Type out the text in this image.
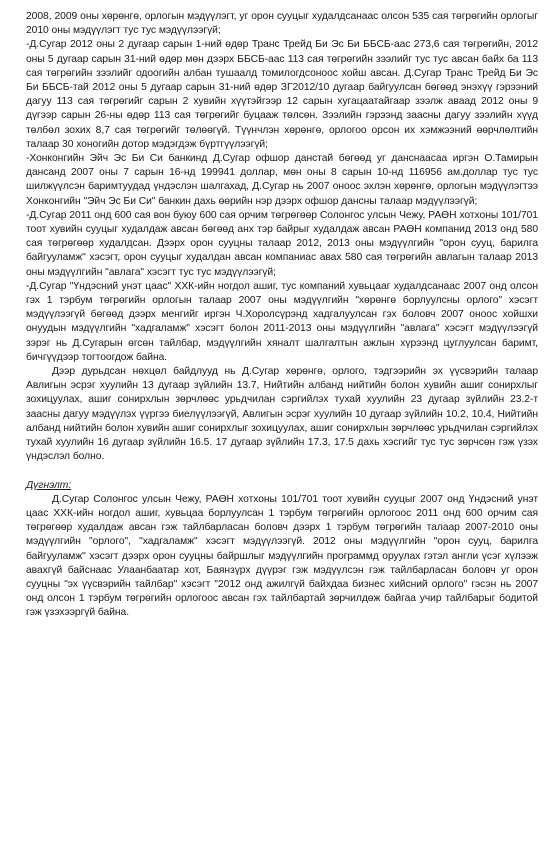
2008, 2009 оны хөрөнгө, орлогын мэдүүлэгт, уг орон сууцыг худалдсанаас олсон 535 сая төгрөгийн орлогыг 2010 оны мэдүүлэгт тус тус мэдүүлээгүй;

-Д.Сугар 2012 оны 2 дугаар сарын 1-ний өдөр Транс Трейд Би Эс Би ББСБ-аас 273,6 сая төгрөгийн, 2012 оны 5 дугаар сарын 31-ний өдөр мөн дээрх ББСБ-аас 113 сая төгрөгийн зээлийг тус тус авсан байх ба 113 сая төгрөгийн зээлийг одоогийн албан тушаалд томилогдсоноос хойш авсан. Д.Сугар Транс Трейд Би Эс Би ББСБ-тай 2012 оны 5 дугаар сарын 31-ний өдөр ЗГ2012/10 дугаар байгуулсан бөгөөд энэхүү гэрээний дагуу 113 сая төгрөгийг сарын 2 хувийн хүүтэйгээр 12 сарын хугацаатайгаар зээлж аваад 2012 оны 9 дүгээр сарын 26-ны өдөр 113 сая төгрөгийг буцааж төлсөн. Зээлийн гэрээнд заасны дагуу зээлийн хүүд төлбөл зохих 8,7 сая төгрөгийг төлөөгүй. Түүнчлэн хөрөнгө, орлогоо орсон их хэмжээний өөрчлөлтийн талаар 30 хоногийн дотор мэдэгдэж бүртгүүлээгүй;

-Хонконгийн Эйч Эс Би Си банкинд Д.Сугар офшор данстай бөгөөд уг данснаасаа иргэн О.Тамирын дансанд 2007 оны 7 сарын 16-нд 199941 доллар, мөн оны 8 сарын 10-нд 116956 ам.доллар тус тус шилжүүлсэн баримтуудад үндэслэн шалгахад, Д.Сугар нь 2007 оноос эхлэн хөрөнгө, орлогын мэдүүлэгтээ Хонконгийн "Эйч Эс Би Си" банкин дахь өөрийн нэр дээрх офшор дансны талаар мэдүүлээгүй;

-Д.Сугар 2011 онд 600 сая вон буюу 600 сая орчим төгрөгөөр Солонгос улсын Чежу, РАӨН хотхоны 101/701 тоот хувийн сууцыг худалдаж авсан бөгөөд анх тэр байрыг худалдаж авсан РАӨН компанид 2013 онд 580 сая төгрөгөөр худалдсан. Дээрх орон сууцны талаар 2012, 2013 оны мэдүүлгийн "орон сууц, барилга байгууламж" хэсэгт, орон сууцыг худалдан авсан компаниас авах 580 сая төгрөгийн авлагын талаар 2013 оны мэдүүлгийн "авлага" хэсэгт тус тус мэдүүлээгүй;

-Д.Сугар "Үндэсний унэт цаас" ХХК-ийн ногдол ашиг, тус компаний хувьцааг худалдсанаас 2007 онд олсон гэх 1 тэрбум төгрөгийн орлогын талаар 2007 оны мэдүүлгийн "хөрөнгө борлуулсны орлого" хэсэгт мэдүүлээгүй бөгөөд дээрх менгийг иргэн Ч.Хоролсүрэнд хадгалуулсан гэх боловч 2007 оноос хойшхи онуудын мэдүүлгийн "хадгаламж" хэсэгт болон 2011-2013 оны мэдүүлгийн "авлага" хэсэгт мэдүүлээгүй зэрэг нь Д.Сугарын өгсөн тайлбар, мэдүүлгийн хяналт шалгалтын ажлын хүрээнд цуглуулсан баримт, бичгүүдээр тогтоогдож байна.

Дээр дурьдсан нөхцөл байдлууд нь Д.Сугар хөрөнгө, орлого, тэдгээрийн эх үүсвэрийн талаар Авлигын эсрэг хуулийн 13 дугаар зүйлийн 13.7, Нийтийн албанд нийтийн болон хувийн ашиг сонирхлыг зохицуулах, ашиг сонирхлын зөрчлөөс урьдчилан сэргийлэх тухай хуулийн 23 дугаар зүйлийн 23.2-т заасны дагуу мэдүүлэх үүргээ биелүүлээгүй, Авлигын эсрэг хуулийн 10 дугаар зүйлийн 10.2, 10.4, Нийтийн албанд нийтийн болон хувийн ашиг сонирхлыг зохицуулах, ашиг сонирхлын зөрчлөөс урьдчилан сэргийлэх тухай хуулийн 16 дугаар зүйлийн 16.5. 17 дугаар зүйлийн 17.3, 17.5 дахь хэсгийг тус тус зөрчсөн гэж үзэх үндэслэл болно.

Дүгнэлт:

Д.Сугар Солонгос улсын Чежу, РАӨН хотхоны 101/701 тоот хувийн сууцыг 2007 онд Үндэсний унэт цаас ХХК-ийн ногдол ашиг, хувьцаа борлуулсан 1 тэрбум төгрөгийн орлогоос 2011 онд 600 орчим сая төгрөгөөр худалдаж авсан гэж тайлбарласан боловч дээрх 1 тэрбум төгрөгийн талаар 2007-2010 оны мэдүүлгийн "орлого", "хадгаламж" хэсэгт мэдүүлээгүй. 2012 оны мэдүүлгийн "орон сууц, барилга байгууламж" хэсэгт дээрх орон сууцны байршлыг мэдүүлгийн программд оруулах гэтэл англи үсэг хүлээж авахгүй байснаас Улаанбаатар хот, Баянзүрх дүүрэг гэж мэдүүлсэн гэж тайлбарласан боловч уг орон сууцны "эх үүсвэрийн тайлбар" хэсэгт "2012 онд ажилгүй байхдаа бизнес хийсний орлого" гэсэн нь 2007 онд олсон 1 тэрбум төгрөгийн орлогоос авсан гэх тайлбартай зөрчилдөж байгаа учир тайлбарыг бодитой гэж үзэхээргүй байна.
